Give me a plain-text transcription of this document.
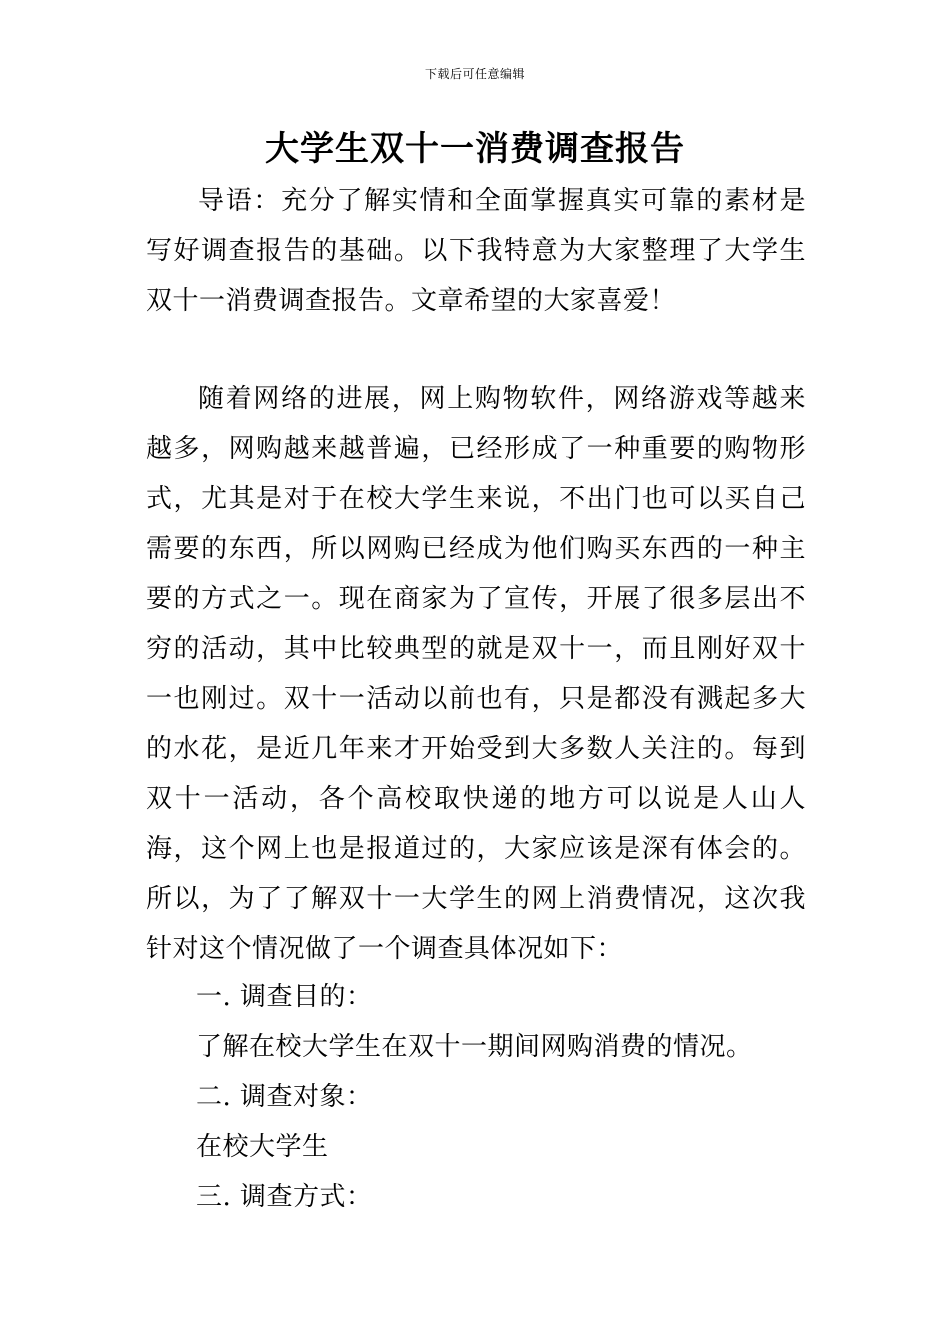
下载后可任意编辑
大学生双十一消费调查报告
导语：充分了解实情和全面掌握真实可靠的素材是写好调查报告的基础。以下我特意为大家整理了大学生双十一消费调查报告。文章希望的大家喜爱！
随着网络的进展，网上购物软件，网络游戏等越来越多，网购越来越普遍，已经形成了一种重要的购物形式，尤其是对于在校大学生来说，不出门也可以买自己需要的东西，所以网购已经成为他们购买东西的一种主要的方式之一。现在商家为了宣传，开展了很多层出不穷的活动，其中比较典型的就是双十一，而且刚好双十一也刚过。双十一活动以前也有，只是都没有溅起多大的水花，是近几年来才开始受到大多数人关注的。每到双十一活动，各个高校取快递的地方可以说是人山人海，这个网上也是报道过的，大家应该是深有体会的。所以，为了了解双十一大学生的网上消费情况，这次我针对这个情况做了一个调查具体况如下：
一. 调查目的：
了解在校大学生在双十一期间网购消费的情况。
二. 调查对象：
在校大学生
三. 调查方式：
